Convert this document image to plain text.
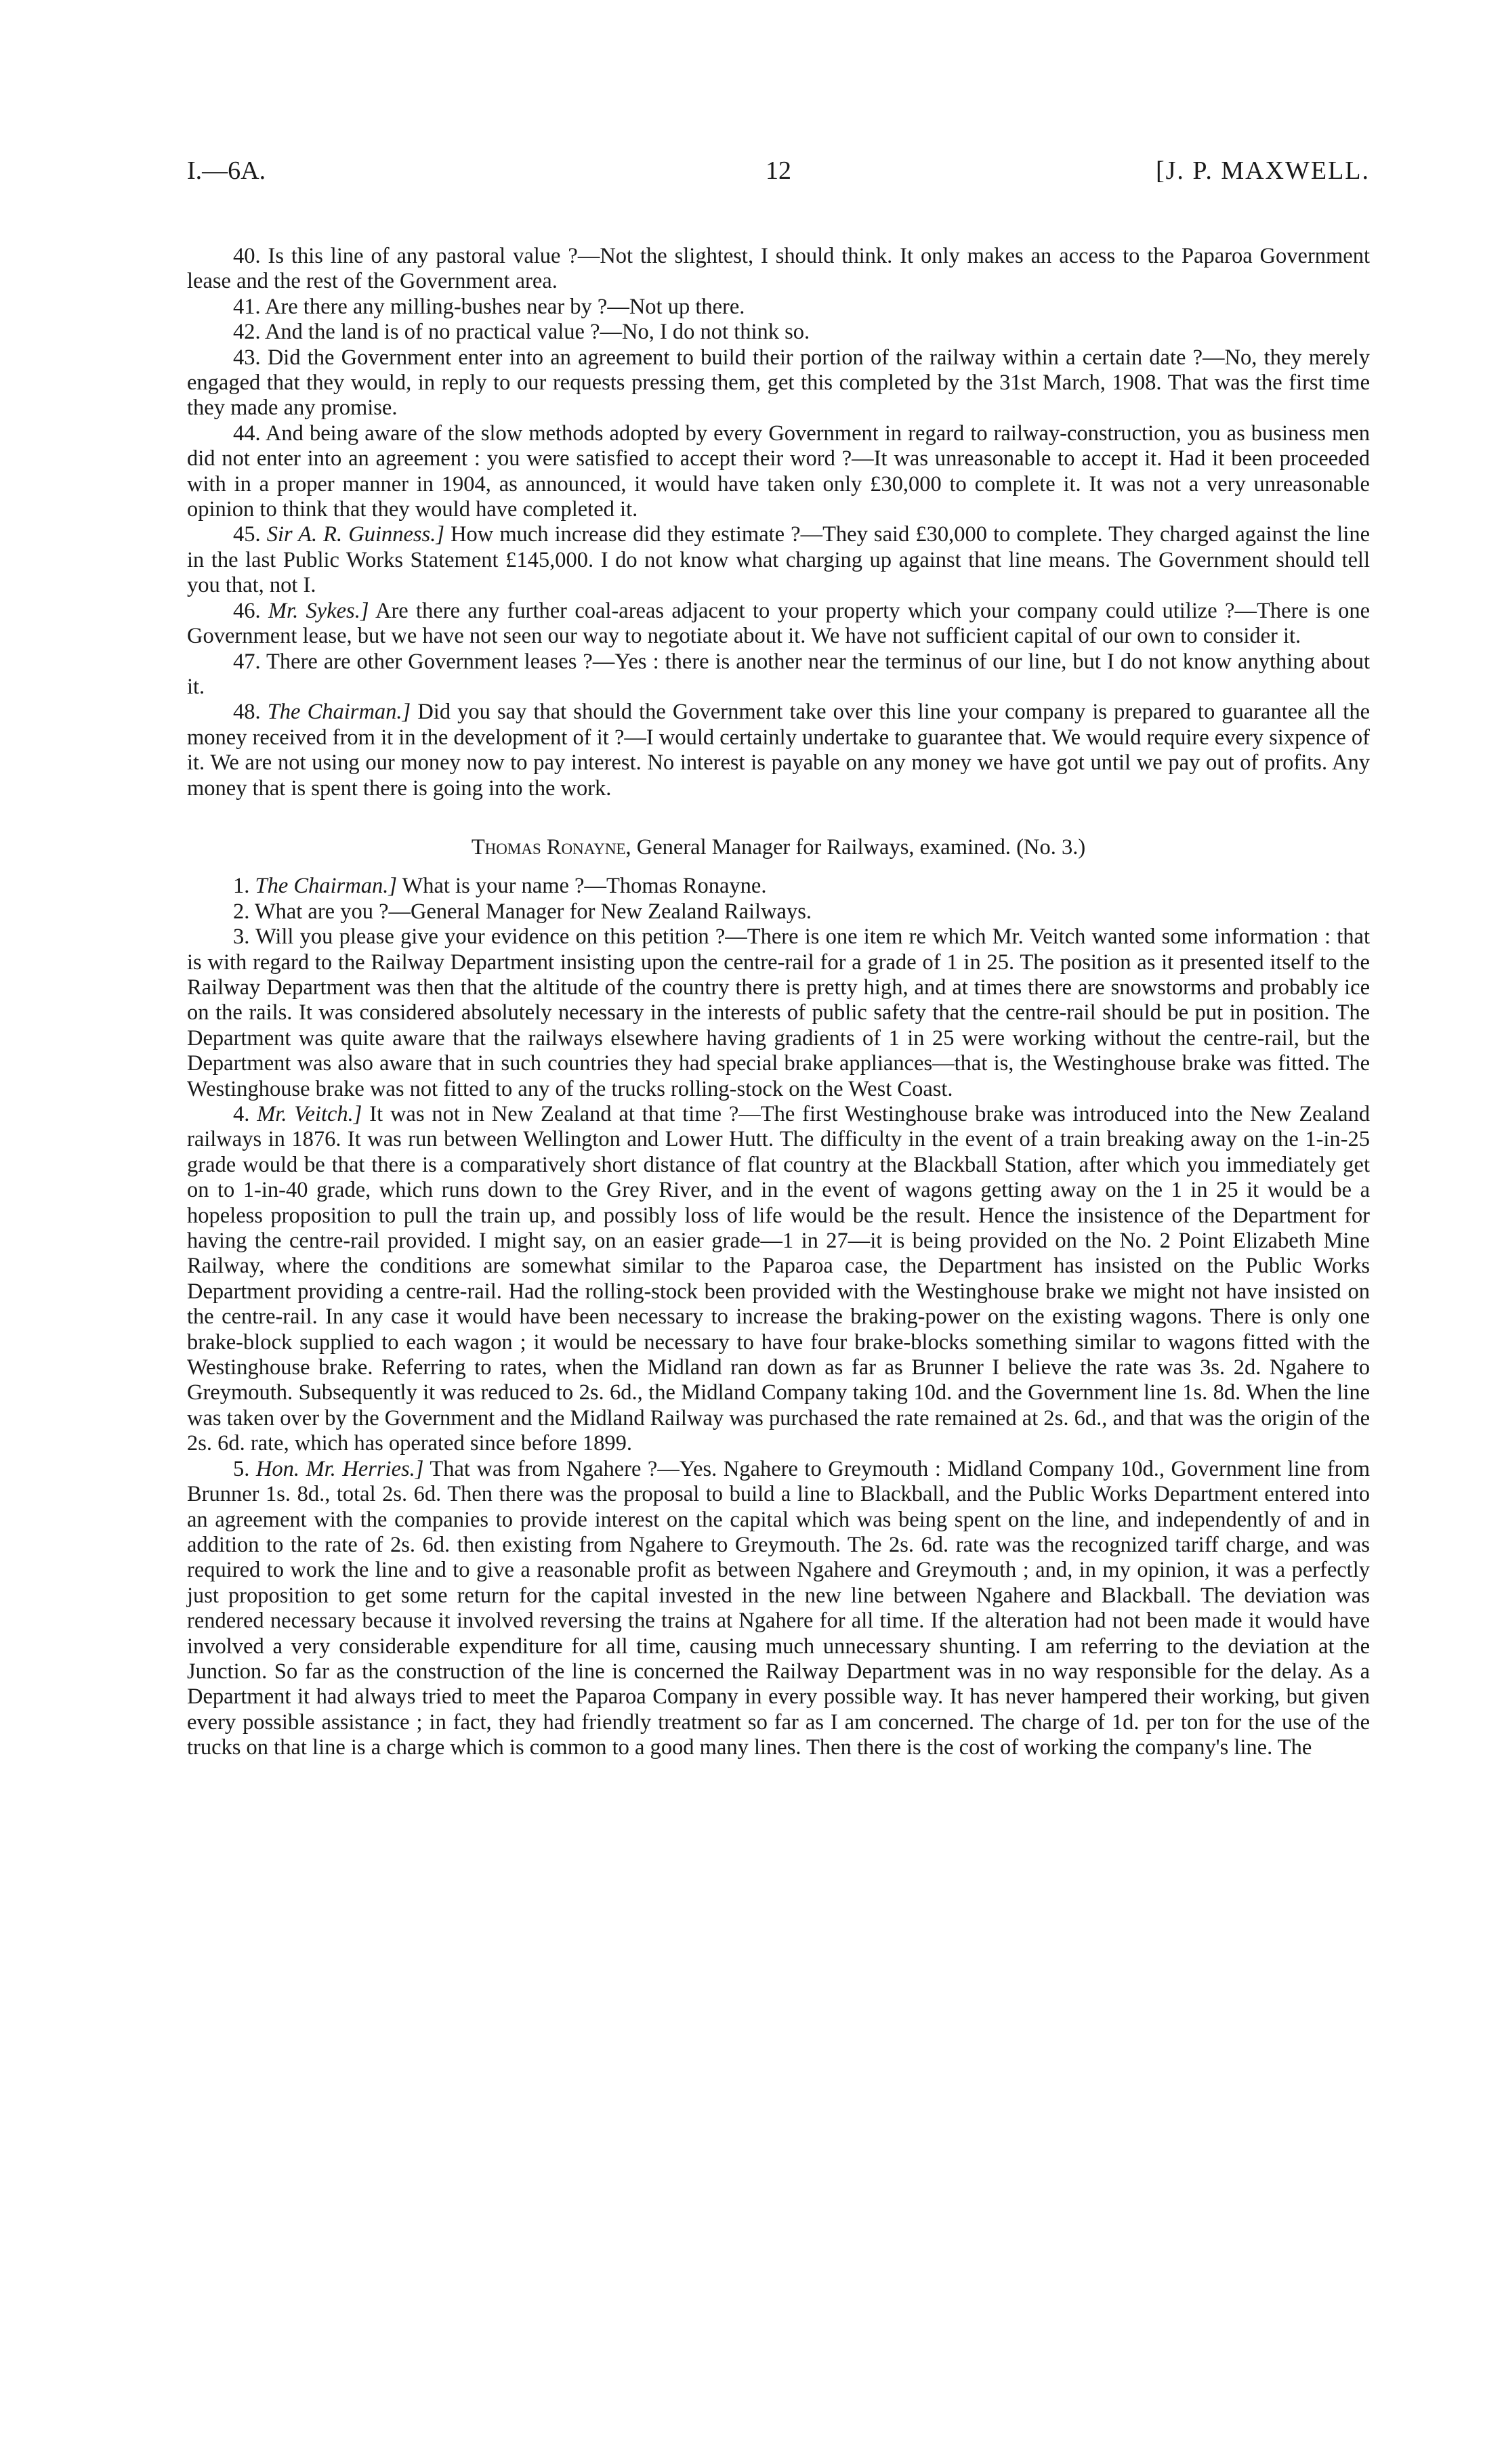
I.—6A.	12	[J. P. MAXWELL.

40. Is this line of any pastoral value ?—Not the slightest, I should think. It only makes an access to the Paparoa Government lease and the rest of the Government area.

41. Are there any milling-bushes near by ?—Not up there.

42. And the land is of no practical value ?—No, I do not think so.

43. Did the Government enter into an agreement to build their portion of the railway within a certain date ?—No, they merely engaged that they would, in reply to our requests pressing them, get this completed by the 31st March, 1908. That was the first time they made any promise.

44. And being aware of the slow methods adopted by every Government in regard to railway-construction, you as business men did not enter into an agreement : you were satisfied to accept their word ?—It was unreasonable to accept it. Had it been proceeded with in a proper manner in 1904, as announced, it would have taken only £30,000 to complete it. It was not a very unreasonable opinion to think that they would have completed it.

45. Sir A. R. Guinness.] How much increase did they estimate ?—They said £30,000 to complete. They charged against the line in the last Public Works Statement £145,000. I do not know what charging up against that line means. The Government should tell you that, not I.

46. Mr. Sykes.] Are there any further coal-areas adjacent to your property which your company could utilize ?—There is one Government lease, but we have not seen our way to negotiate about it. We have not sufficient capital of our own to consider it.

47. There are other Government leases ?—Yes : there is another near the terminus of our line, but I do not know anything about it.

48. The Chairman.] Did you say that should the Government take over this line your company is prepared to guarantee all the money received from it in the development of it ?—I would certainly undertake to guarantee that. We would require every sixpence of it. We are not using our money now to pay interest. No interest is payable on any money we have got until we pay out of profits. Any money that is spent there is going into the work.

Thomas Ronayne, General Manager for Railways, examined. (No. 3.)

1. The Chairman.] What is your name ?—Thomas Ronayne.

2. What are you ?—General Manager for New Zealand Railways.

3. Will you please give your evidence on this petition ?—There is one item re which Mr. Veitch wanted some information : that is with regard to the Railway Department insisting upon the centre-rail for a grade of 1 in 25. The position as it presented itself to the Railway Department was then that the altitude of the country there is pretty high, and at times there are snowstorms and probably ice on the rails. It was considered absolutely necessary in the interests of public safety that the centre-rail should be put in position. The Department was quite aware that the railways elsewhere having gradients of 1 in 25 were working without the centre-rail, but the Department was also aware that in such countries they had special brake appliances—that is, the Westinghouse brake was fitted. The Westinghouse brake was not fitted to any of the trucks rolling-stock on the West Coast.

4. Mr. Veitch.] It was not in New Zealand at that time ?—The first Westinghouse brake was introduced into the New Zealand railways in 1876. It was run between Wellington and Lower Hutt. The difficulty in the event of a train breaking away on the 1-in-25 grade would be that there is a comparatively short distance of flat country at the Blackball Station, after which you immediately get on to 1-in-40 grade, which runs down to the Grey River, and in the event of wagons getting away on the 1 in 25 it would be a hopeless proposition to pull the train up, and possibly loss of life would be the result. Hence the insistence of the Department for having the centre-rail provided. I might say, on an easier grade—1 in 27—it is being provided on the No. 2 Point Elizabeth Mine Railway, where the conditions are somewhat similar to the Paparoa case, the Department has insisted on the Public Works Department providing a centre-rail. Had the rolling-stock been provided with the Westinghouse brake we might not have insisted on the centre-rail. In any case it would have been necessary to increase the braking-power on the existing wagons. There is only one brake-block supplied to each wagon ; it would be necessary to have four brake-blocks something similar to wagons fitted with the Westinghouse brake. Referring to rates, when the Midland ran down as far as Brunner I believe the rate was 3s. 2d. Ngahere to Greymouth. Subsequently it was reduced to 2s. 6d., the Midland Company taking 10d. and the Government line 1s. 8d. When the line was taken over by the Government and the Midland Railway was purchased the rate remained at 2s. 6d., and that was the origin of the 2s. 6d. rate, which has operated since before 1899.

5. Hon. Mr. Herries.] That was from Ngahere ?—Yes. Ngahere to Greymouth : Midland Company 10d., Government line from Brunner 1s. 8d., total 2s. 6d. Then there was the proposal to build a line to Blackball, and the Public Works Department entered into an agreement with the companies to provide interest on the capital which was being spent on the line, and independently of and in addition to the rate of 2s. 6d. then existing from Ngahere to Greymouth. The 2s. 6d. rate was the recognized tariff charge, and was required to work the line and to give a reasonable profit as between Ngahere and Greymouth ; and, in my opinion, it was a perfectly just proposition to get some return for the capital invested in the new line between Ngahere and Blackball. The deviation was rendered necessary because it involved reversing the trains at Ngahere for all time. If the alteration had not been made it would have involved a very considerable expenditure for all time, causing much unnecessary shunting. I am referring to the deviation at the Junction. So far as the construction of the line is concerned the Railway Department was in no way responsible for the delay. As a Department it had always tried to meet the Paparoa Company in every possible way. It has never hampered their working, but given every possible assistance ; in fact, they had friendly treatment so far as I am concerned. The charge of 1d. per ton for the use of the trucks on that line is a charge which is common to a good many lines. Then there is the cost of working the company's line. The
